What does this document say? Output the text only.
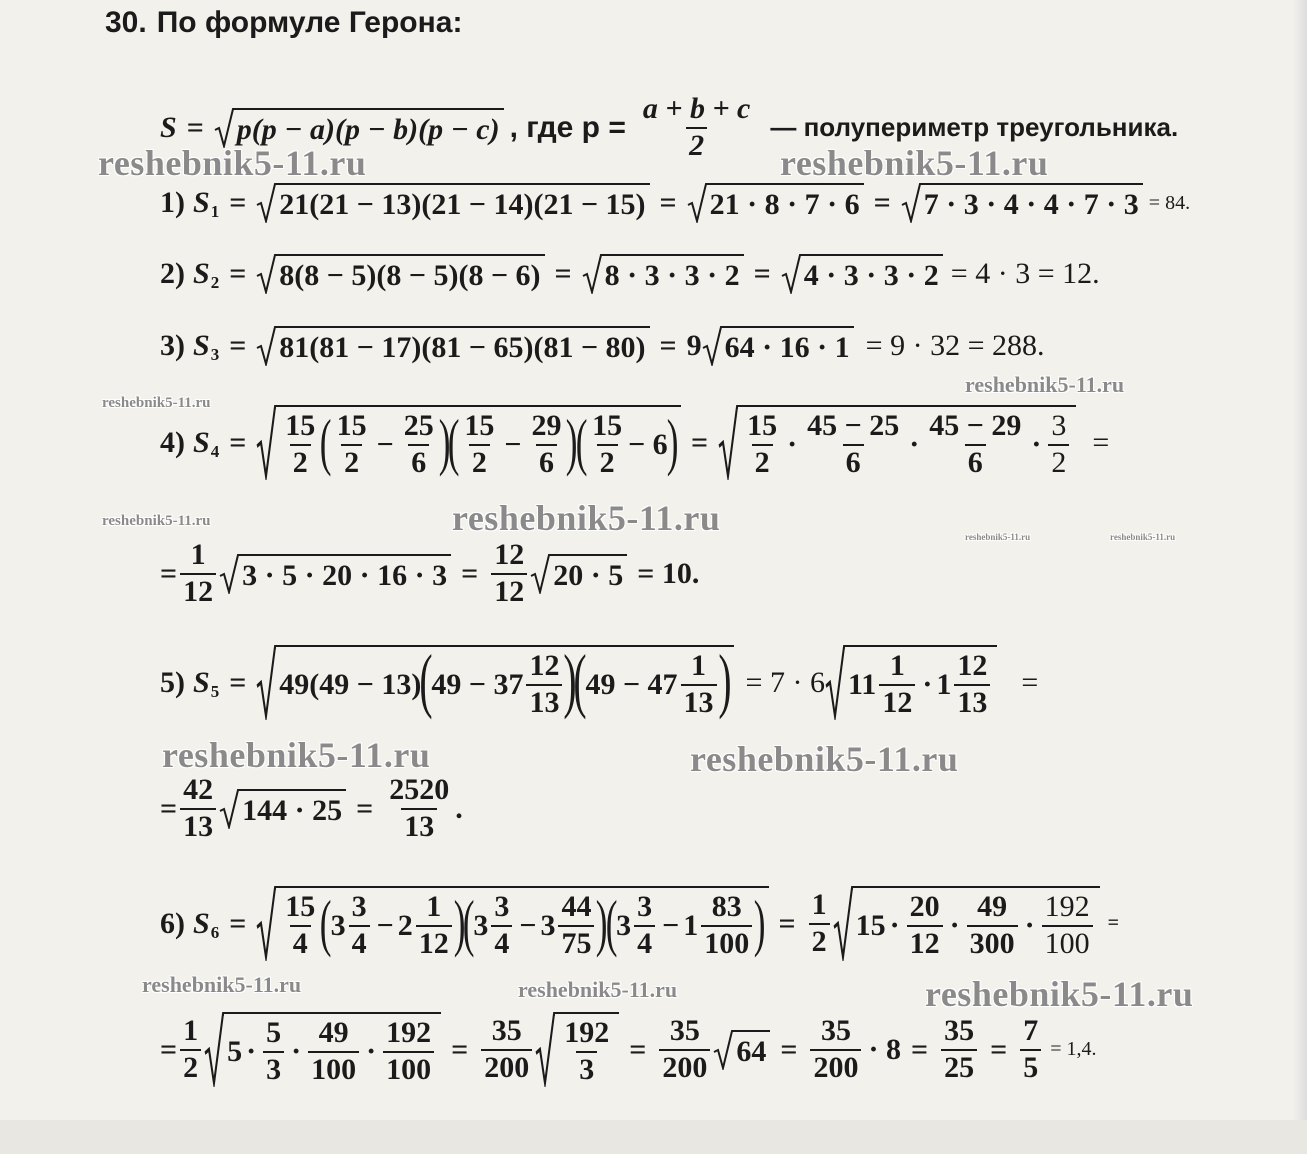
30. По формуле Герона:
S = p(p − a)(p − b)(p − c) , где $p = \frac{a + b + c}{2}$ — полупериметр треугольника.
1) S 1 = 21(21 − 13)(21 − 14)(21 − 15) = 21 · 8 · 7 · 6 = 7 · 3 · 4 · 4 · 7 · 3 = 84.
2) S 2 = 8(8 − 5)(8 − 5)(8 − 6) = 8 · 3 · 3 · 2 = 4 · 3 · 3 · 2 = 4 · 3 = 12.
3) S 3 = 81(81 − 17)(81 − 65)(81 − 80) = 9 64 · 16 · 1 = 9 · 32 = 288.
4) S $4 = \frac{15}{2}$ ( $\frac{15}{2} - \frac{25}{6}$ )
( $\frac{15}{2} - \frac{29}{6}$ )
( $\frac{15}{2} - 6$
) = $\frac{15}{2} \cdot \frac{45 - 25}{6} \cdot \frac{45 - 29}{6} \cdot \frac{3}{2}$ =
= $\frac{1}{12} 3 \cdot 5 \cdot 20 \cdot 16 \cdot 3 = \frac{12}{12} 20 \cdot 5 = 10$.
5) S 5 = 49(49 − 13)
(
$49 - 37 \frac{12}{13}$ )
(
$49 - 47 \frac{1}{13}$ ) = 7 · 6 $11 \frac{1}{12} \cdot 1 \frac{12}{13}$ =
= $\frac{42}{13} 144 \cdot 25 = \frac{2520}{13}$ .
6) S $6 = \frac{15}{4}$ (
$3 \frac{3}{4} - 2 \frac{1}{12}$ )
(
$3 \frac{3}{4} - 3 \frac{44}{75}$ )
(
$3 \frac{3}{4} - 1 \frac{83}{100}$ ) = $\frac{1}{2} 15 \cdot \frac{20}{12} \cdot \frac{49}{300} \cdot \frac{192}{100}$ =
= $\frac{1}{2} 5 \cdot \frac{5}{3} \cdot \frac{49}{100} \cdot \frac{192}{100} = \frac{35}{200} \frac{192}{3} = \frac{35}{200} 64 = \frac{35}{200} \cdot 8 = \frac{35}{25} = \frac{7}{5} = 1,4$.
reshebnik5-11.ru	reshebnik5-11.ru
reshebnik5-11.ru
reshebnik5-11.ru
reshebnik5-11.ru
reshebnik5-11.ru
reshebnik5-11.ru	reshebnik5-11.ru
reshebnik5-11.ru	reshebnik5-11.ru
reshebnik5-11.ru	reshebnik5-11.ru	reshebnik5-11.ru
